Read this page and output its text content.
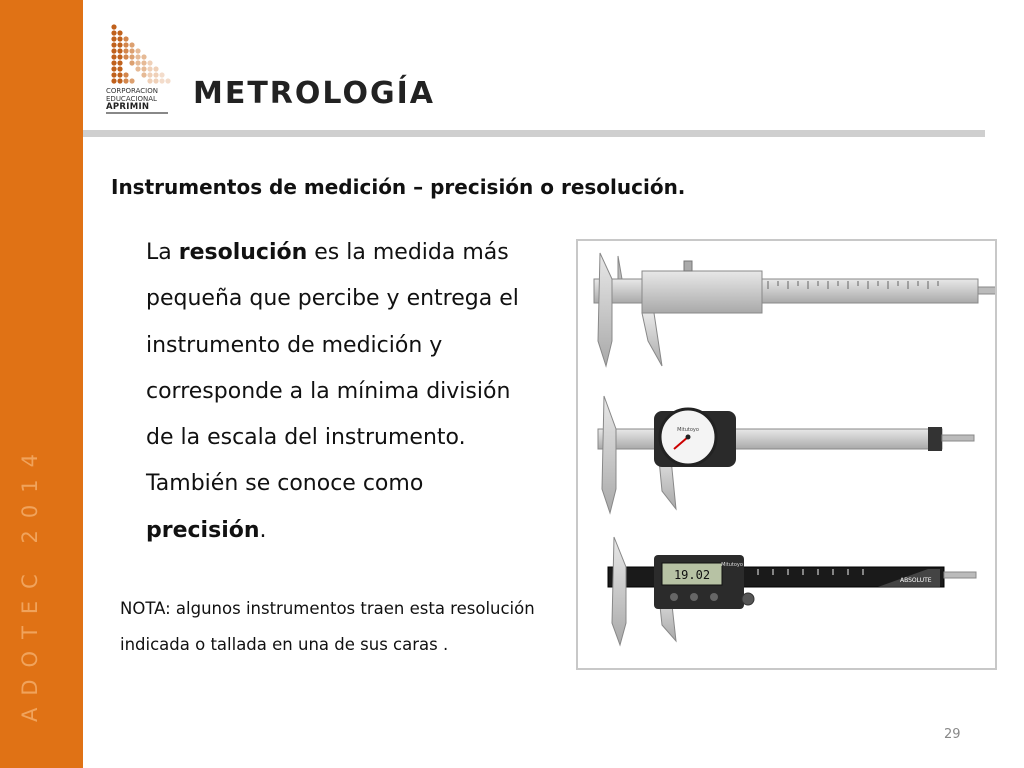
ADOTEC 2014
CORPORACION
EDUCACIONAL
APRIMIN	METROLOGÍA
Instrumentos de medición – precisión o resolución.
La resolución es la medida más pequeña que percibe y entrega el instrumento de medición y corresponde a la mínima división de la escala del instrumento. También se conoce como precisión.
NOTA: algunos instrumentos traen esta resolución indicada o tallada en una de sus caras .
Mitutoyo
ABSOLUTE
19.02
Mitutoyo
29
